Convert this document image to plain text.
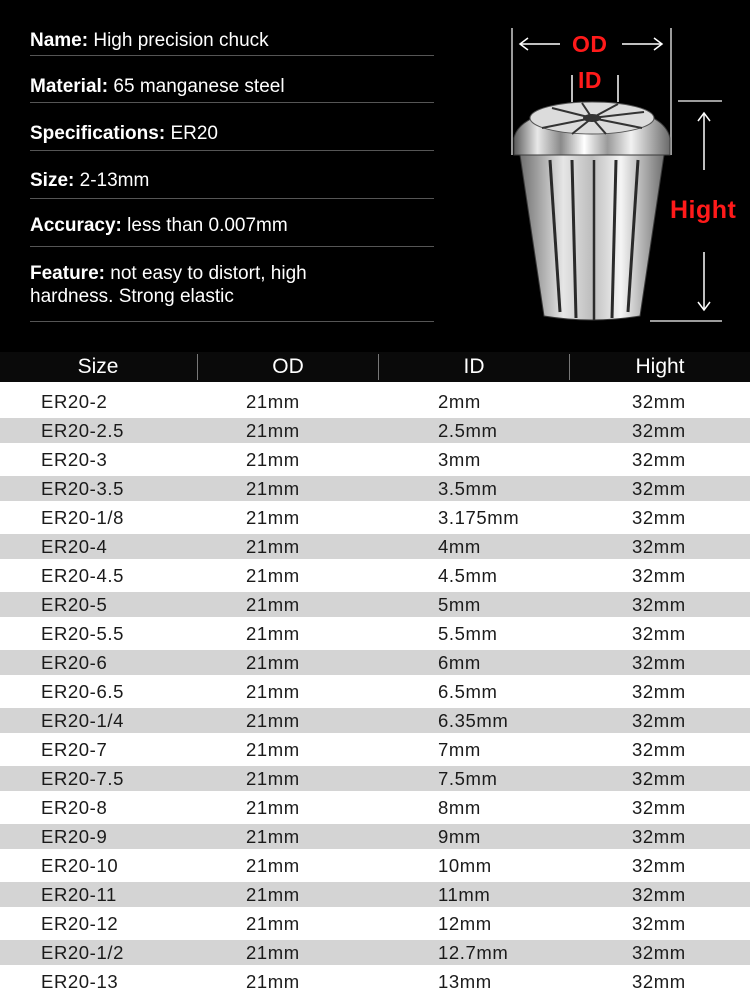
Name: High precision chuck
Material: 65 manganese steel
Specifications: ER20
Size: 2-13mm
Accuracy: less than 0.007mm
Feature: not easy to distort, high
hardness. Strong elastic
OD
ID
Hight
Size	OD	ID	Hight
ER20-2	21mm	2mm	32mm
ER20-2.5	21mm	2.5mm	32mm
ER20-3	21mm	3mm	32mm
ER20-3.5	21mm	3.5mm	32mm
ER20-1/8	21mm	3.175mm	32mm
ER20-4	21mm	4mm	32mm
ER20-4.5	21mm	4.5mm	32mm
ER20-5	21mm	5mm	32mm
ER20-5.5	21mm	5.5mm	32mm
ER20-6	21mm	6mm	32mm
ER20-6.5	21mm	6.5mm	32mm
ER20-1/4	21mm	6.35mm	32mm
ER20-7	21mm	7mm	32mm
ER20-7.5	21mm	7.5mm	32mm
ER20-8	21mm	8mm	32mm
ER20-9	21mm	9mm	32mm
ER20-10	21mm	10mm	32mm
ER20-11	21mm	11mm	32mm
ER20-12	21mm	12mm	32mm
ER20-1/2	21mm	12.7mm	32mm
ER20-13	21mm	13mm	32mm
